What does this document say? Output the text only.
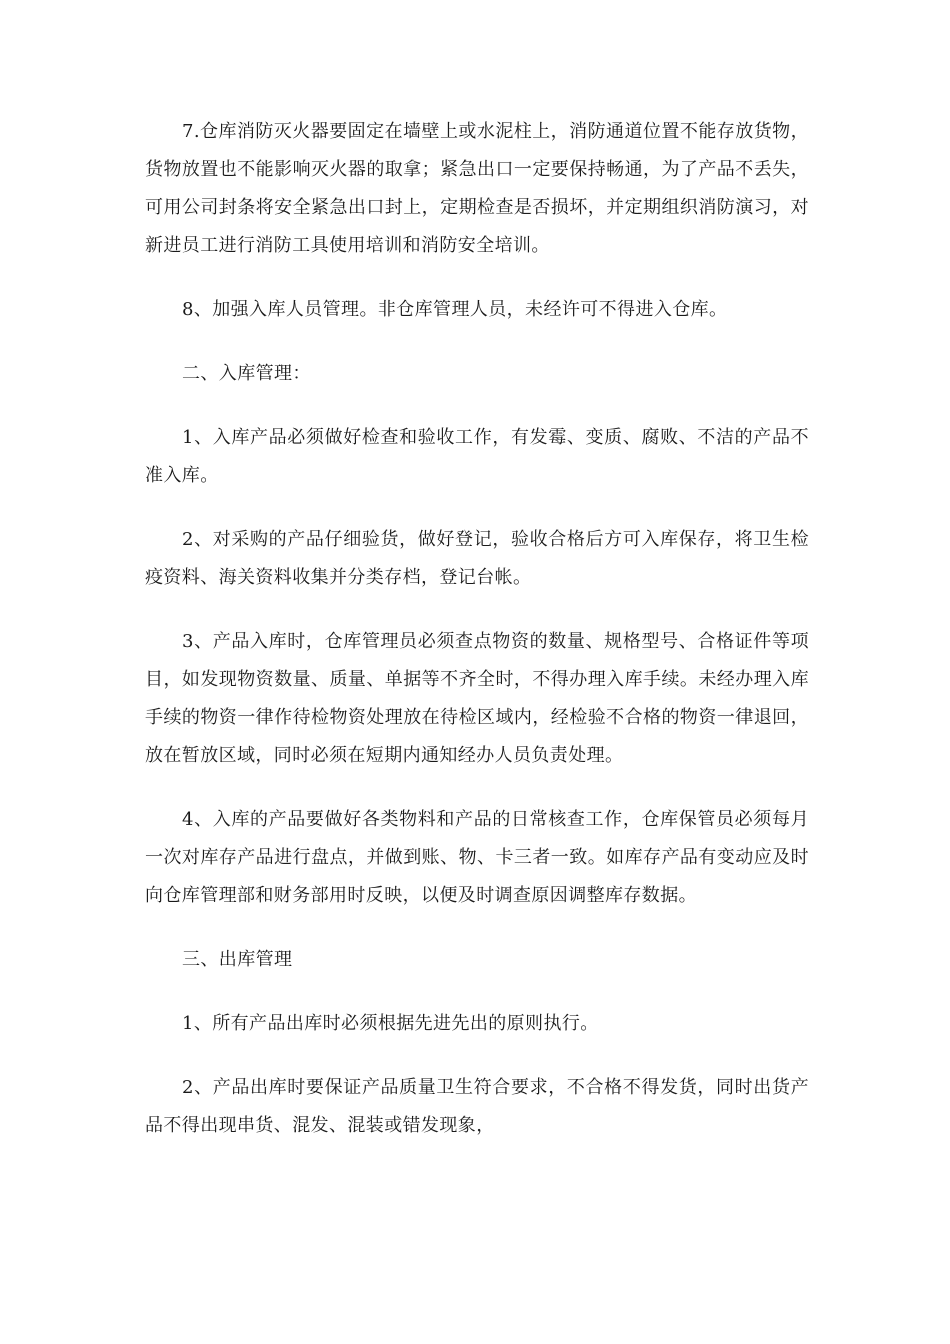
7.仓库消防灭火器要固定在墙壁上或水泥柱上，消防通道位置不能存放货物，货物放置也不能影响灭火器的取拿；紧急出口一定要保持畅通，为了产品不丢失，可用公司封条将安全紧急出口封上，定期检查是否损坏，并定期组织消防演习，对新进员工进行消防工具使用培训和消防安全培训。

8、加强入库人员管理。非仓库管理人员，未经许可不得进入仓库。

二、入库管理：

1、入库产品必须做好检查和验收工作，有发霉、变质、腐败、不洁的产品不准入库。

2、对采购的产品仔细验货，做好登记，验收合格后方可入库保存，将卫生检疫资料、海关资料收集并分类存档，登记台帐。

3、产品入库时，仓库管理员必须查点物资的数量、规格型号、合格证件等项目，如发现物资数量、质量、单据等不齐全时，不得办理入库手续。未经办理入库手续的物资一律作待检物资处理放在待检区域内，经检验不合格的物资一律退回，放在暂放区域，同时必须在短期内通知经办人员负责处理。

4、入库的产品要做好各类物料和产品的日常核查工作，仓库保管员必须每月一次对库存产品进行盘点，并做到账、物、卡三者一致。如库存产品有变动应及时向仓库管理部和财务部用时反映，以便及时调查原因调整库存数据。

三、出库管理

1、所有产品出库时必须根据先进先出的原则执行。

2、产品出库时要保证产品质量卫生符合要求，不合格不得发货，同时出货产品不得出现串货、混发、混装或错发现象，
